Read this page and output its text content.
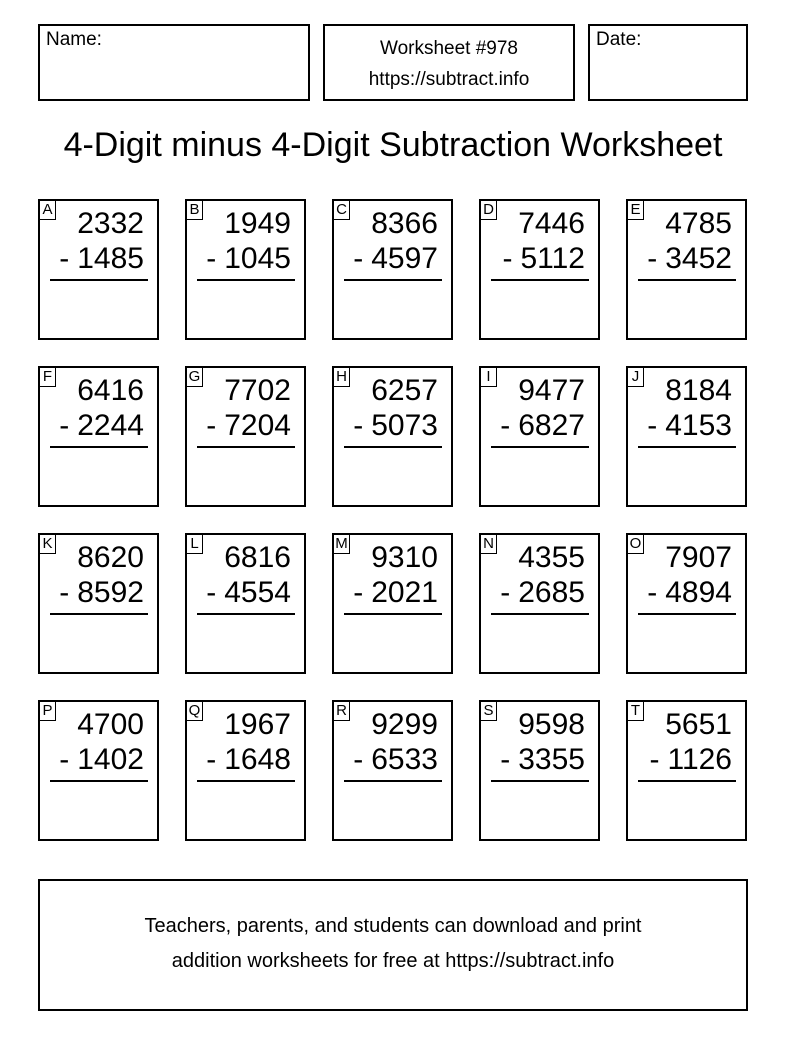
Name:	Worksheet #978
https://subtract.info
Date:
4-Digit minus 4-Digit Subtraction Worksheet
A 2332
- 1485
B 1949
- 1045
C 8366
- 4597
D 7446
- 5112
E 4785
- 3452
F 6416
- 2244
G 7702
- 7204
H 6257
- 5073
I 9477
- 6827
J 8184
- 4153
K 8620
- 8592
L 6816
- 4554
M 9310
- 2021
N 4355
- 2685
O 7907
- 4894
P 4700
- 1402
Q 1967
- 1648
R 9299
- 6533
S 9598
- 3355
T 5651
- 1126
Teachers, parents, and students can download and print
addition worksheets for free at https://subtract.info
